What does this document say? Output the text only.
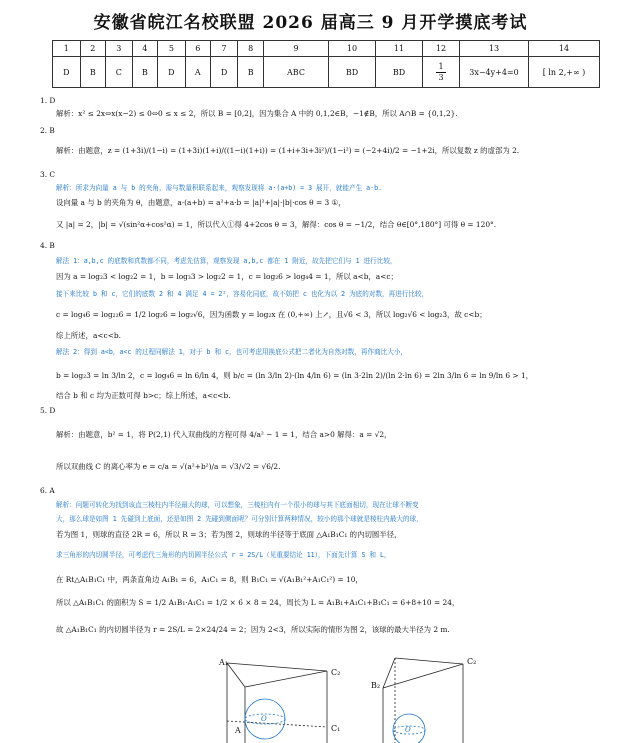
安徽省皖江名校联盟 2026 届高三 9 月开学摸底考试
1	2	3	4	5	6	7	8	9	10	11	12	13	14
D	B	C	B	D	A	D	B	ABC	BD	BD	$\frac{1}{3}$	3x−4y+4=0	[ ln 2,+∞ )
1. D
解析：x² ≤ 2x⇔x(x−2) ≤ 0⇔0 ≤ x ≤ 2，所以 B = [0,2]，因为集合 A 中的 0,1,2∈B，−1∉B，所以 A∩B = {0,1,2}.
2. B
解析：由题意，z = (1+3i)/(1−i) = (1+3i)(1+i)/((1−i)(1+i)) = (1+i+3i+3i²)/(1−i²) = (−2+4i)/2 = −1+2i，所以复数 z 的虚部为 2.
3. C
解析：所求为向量 a 与 b 的夹角，需与数量积联系起来，观察发现将 a·(a+b) = 3 展开，就能产生 a·b.
设向量 a 与 b 的夹角为 θ，由题意，a·(a+b) = a²+a·b = |a|²+|a|·|b|·cos θ = 3 ①，
又 |a| = 2，|b| = √(sin²α+cos²α) = 1，所以代入①得 4+2cos θ = 3，解得：cos θ = −1/2，结合 θ∈[0°,180°] 可得 θ = 120°.
4. B
解法 1：a,b,c 的底数和真数都不同，考虑先估算，观察发现 a,b,c 都在 1 附近，故先把它们与 1 进行比较，
因为 a = log₂3 < log₂2 = 1，b = log₃3 > log₂2 = 1，c = log₂6 > log₄4 = 1，所以 a<b，a<c；
接下来比较 b 和 c，它们的底数 2 和 4 满足 4 = 2²，容易化同底，故不妨把 c 也化为以 2 为底的对数，再进行比较，
c = log₄6 = log₂₂6 = 1/2 log₂6 = log₂√6，因为函数 y = log₂x 在 (0,+∞) 上↗，且√6 < 3，所以 log₂√6 < log₂3，故 c<b；
综上所述，a<c<b.
解法 2：得到 a<b，a<c 的过程同解法 1，对于 b 和 c，也可考虑用换底公式把二者化为自然对数，再作商比大小，
b = log₂3 = ln 3/ln 2，c = log₄6 = ln 6/ln 4，则 b/c = (ln 3/ln 2)·(ln 4/ln 6) = (ln 3·2ln 2)/(ln 2·ln 6) = 2ln 3/ln 6 = ln 9/ln 6 > 1，
结合 b 和 c 均为正数可得 b>c；综上所述，a<c<b.
5. D
解析：由题意，b² = 1，将 P(2,1) 代入双曲线的方程可得 4/a² − 1 = 1，结合 a>0 解得：a = √2，
所以双曲线 C 的离心率为 e = c/a = √(a²+b²)/a = √3/√2 = √6/2.
6. A
解析：问题可转化为找到该直三棱柱内半径最大的球，可以想象，三棱柱内有一个很小的球与其下底面相切，现在让球不断变
大，那么球是如图 1 先碰到上底面，还是如图 2 先碰到侧面呢？可分别计算两种情况，较小的那个球就是棱柱内最大的球，
若为图 1，则球的直径 2R = 6，所以 R = 3；若为图 2，则球的半径等于底面 △A₁B₁C₁ 的内切圆半径，
求三角形的内切圆半径，可考虑代三角形的内切圆半径公式 r = 2S/L（见重要结论 11），下面先计算 S 和 L，
在 Rt△A₁B₁C₁ 中，两条直角边 A₁B₁ = 6，A₁C₁ = 8，则 B₁C₁ = √(A₁B₁²+A₁C₁²) = 10，
所以 △A₁B₁C₁ 的面积为 S = 1/2 A₁B₁·A₁C₁ = 1/2 × 6 × 8 = 24，周长为 L = A₁B₁+A₁C₁+B₁C₁ = 6+8+10 = 24，
故 △A₁B₁C₁ 的内切圆半径为 r = 2S/L = 2×24/24 = 2；因为 2<3，所以实际的情形为图 2，该球的最大半径为 2 m.
A₁
C₂
C₁
A
O
C₂
B₂
O
